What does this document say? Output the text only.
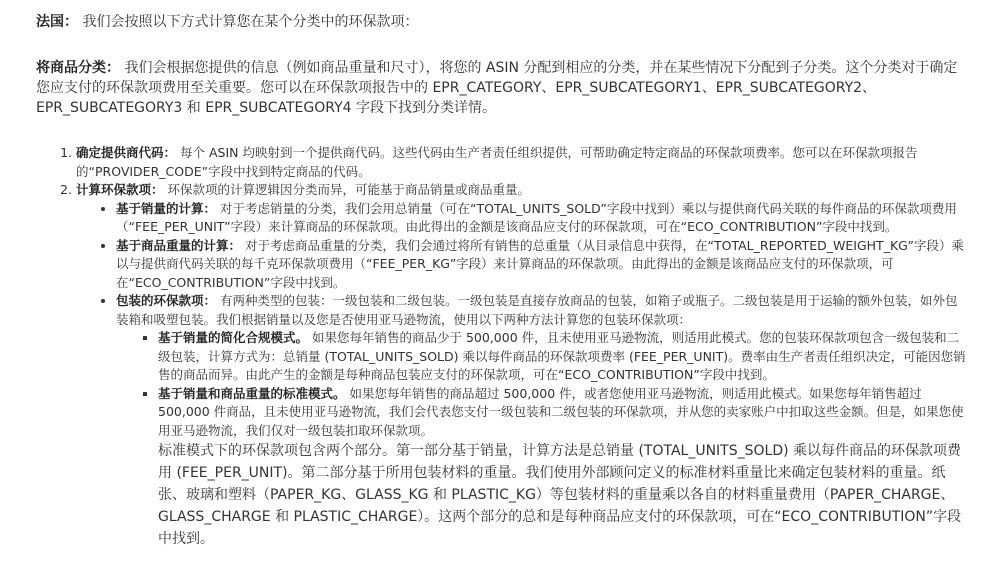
法国： 我们会按照以下方式计算您在某个分类中的环保款项：

将商品分类： 我们会根据您提供的信息（例如商品重量和尺寸），将您的 ASIN 分配到相应的分类，并在某些情况下分配到子分类。这个分类对于确定您应支付的环保款项费用至关重要。您可以在环保款项报告中的 EPR_CATEGORY、EPR_SUBCATEGORY1、EPR_SUBCATEGORY2、EPR_SUBCATEGORY3 和 EPR_SUBCATEGORY4 字段下找到分类详情。

1. 确定提供商代码： 每个 ASIN 均映射到一个提供商代码。这些代码由生产者责任组织提供，可帮助确定特定商品的环保款项费率。您可以在环保款项报告的“PROVIDER_CODE”字段中找到特定商品的代码。
2. 计算环保款项： 环保款项的计算逻辑因分类而异，可能基于商品销量或商品重量。
• 基于销量的计算： 对于考虑销量的分类，我们会用总销量（可在“TOTAL_UNITS_SOLD”字段中找到）乘以与提供商代码关联的每件商品的环保款项费用（“FEE_PER_UNIT”字段）来计算商品的环保款项。由此得出的金额是该商品应支付的环保款项，可在“ECO_CONTRIBUTION”字段中找到。
• 基于商品重量的计算： 对于考虑商品重量的分类，我们会通过将所有销售的总重量（从目录信息中获得，在“TOTAL_REPORTED_WEIGHT_KG”字段）乘以与提供商代码关联的每千克环保款项费用（“FEE_PER_KG”字段）来计算商品的环保款项。由此得出的金额是该商品应支付的环保款项，可在“ECO_CONTRIBUTION”字段中找到。
• 包装的环保款项： 有两种类型的包装：一级包装和二级包装。一级包装是直接存放商品的包装，如箱子或瓶子。二级包装是用于运输的额外包装，如外包装箱和吸塑包装。我们根据销量以及您是否使用亚马逊物流，使用以下两种方法计算您的包装环保款项：
▪ 基于销量的简化合规模式。 如果您每年销售的商品少于 500,000 件，且未使用亚马逊物流，则适用此模式。您的包装环保款项包含一级包装和二级包装，计算方式为：总销量 (TOTAL_UNITS_SOLD) 乘以每件商品的环保款项费率 (FEE_PER_UNIT)。费率由生产者责任组织决定，可能因您销售的商品而异。由此产生的金额是每种商品包装应支付的环保款项，可在“ECO_CONTRIBUTION”字段中找到。
▪ 基于销量和商品重量的标准模式。 如果您每年销售的商品超过 500,000 件，或者您使用亚马逊物流，则适用此模式。如果您每年销售超过 500,000 件商品，且未使用亚马逊物流，我们会代表您支付一级包装和二级包装的环保款项，并从您的卖家账户中扣取这些金额。但是，如果您使用亚马逊物流，我们仅对一级包装扣取环保款项。

标准模式下的环保款项包含两个部分。第一部分基于销量，计算方法是总销量 (TOTAL_UNITS_SOLD) 乘以每件商品的环保款项费用 (FEE_PER_UNIT)。第二部分基于所用包装材料的重量。我们使用外部顾问定义的标准材料重量比来确定包装材料的重量。纸张、玻璃和塑料（PAPER_KG、GLASS_KG 和 PLASTIC_KG）等包装材料的重量乘以各自的材料重量费用（PAPER_CHARGE、GLASS_CHARGE 和 PLASTIC_CHARGE）。这两个部分的总和是每种商品应支付的环保款项，可在“ECO_CONTRIBUTION”字段中找到。
